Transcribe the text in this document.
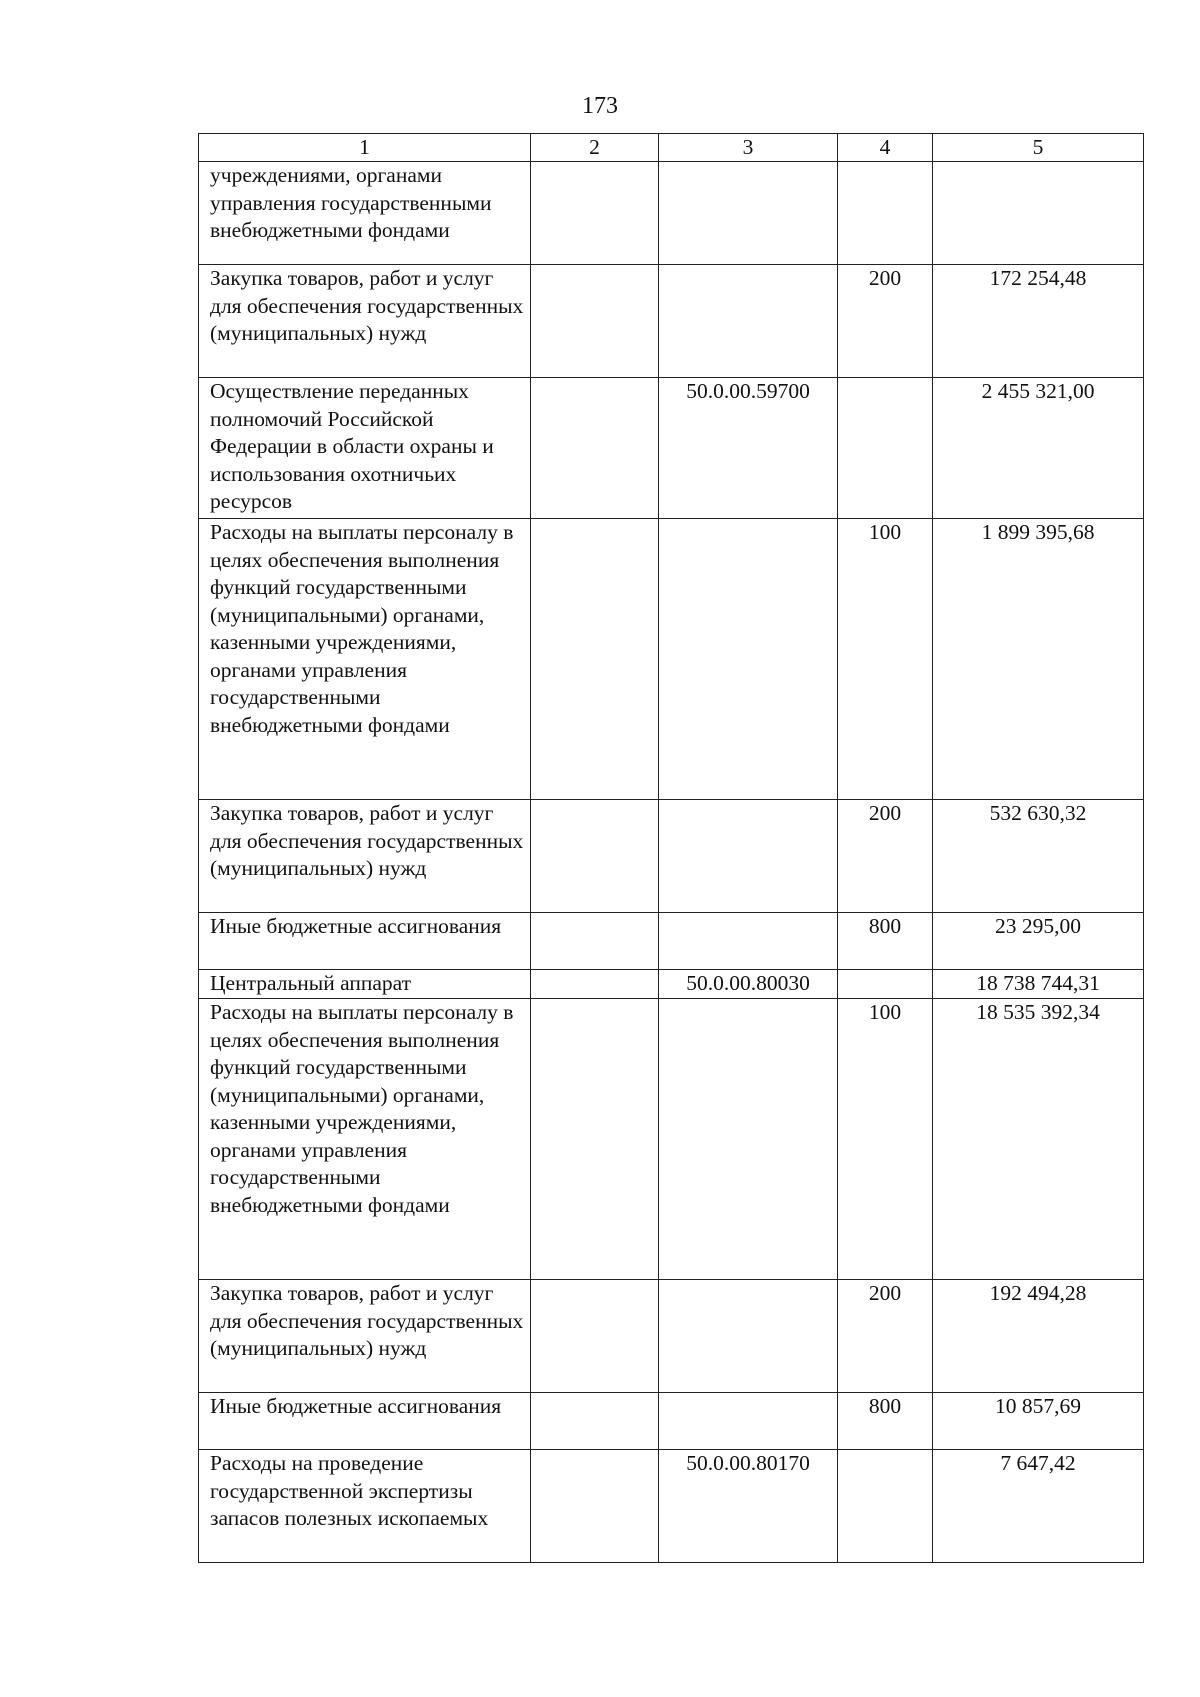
173
1	2	3	4	5
учреждениями, органами управления государственными внебюджетными фондами				
Закупка товаров, работ и услуг для обеспечения государственных (муниципальных) нужд			200	172 254,48
Осуществление переданных полномочий Российской Федерации в области охраны и использования охотничьих ресурсов		50.0.00.59700		2 455 321,00
Расходы на выплаты персоналу в целях обеспечения выполнения функций государственными (муниципальными) органами, казенными учреждениями, органами управления государственными внебюджетными фондами			100	1 899 395,68
Закупка товаров, работ и услуг для обеспечения государственных (муниципальных) нужд			200	532 630,32
Иные бюджетные ассигнования			800	23 295,00
Центральный аппарат		50.0.00.80030		18 738 744,31
Расходы на выплаты персоналу в целях обеспечения выполнения функций государственными (муниципальными) органами, казенными учреждениями, органами управления государственными внебюджетными фондами			100	18 535 392,34
Закупка товаров, работ и услуг для обеспечения государственных (муниципальных) нужд			200	192 494,28
Иные бюджетные ассигнования			800	10 857,69
Расходы на проведение государственной экспертизы запасов полезных ископаемых		50.0.00.80170		7 647,42
